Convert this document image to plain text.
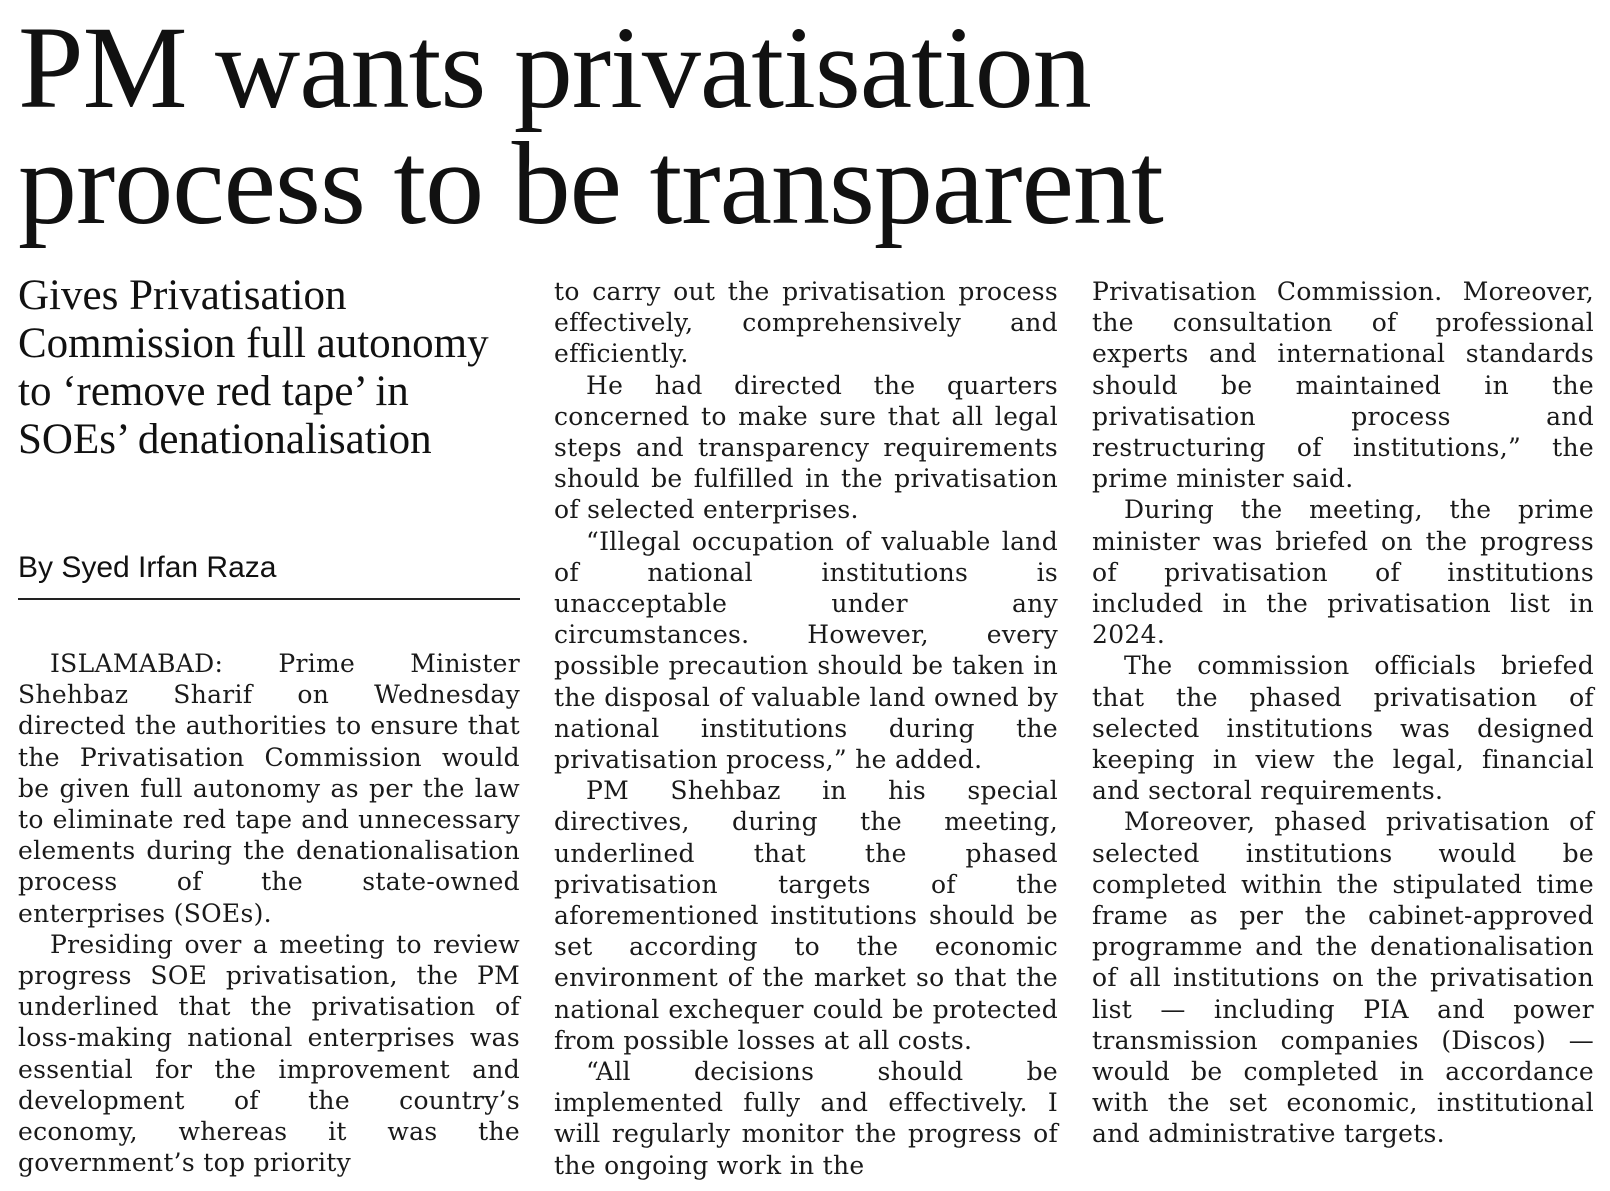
PM wants privatisation
process to be transparent
Gives Privatisation Commission full autonomy to ‘remove red tape’ in SOEs’ denationalisation
By Syed Irfan Raza

ISLAMABAD: Prime Minister Shehbaz Sharif on Wednesday directed the authorities to ensure that the Privatisation Commission would be given full autonomy as per the law to eliminate red tape and unnecessary elements during the denationalisation process of the state-owned enterprises (SOEs).

Presiding over a meeting to review progress SOE privatisation, the PM underlined that the privatisation of loss-making national enterprises was essential for the improvement and development of the country’s economy, whereas it was the government’s top priority

to carry out the privatisation process effectively, comprehensively and efficiently.

He had directed the quarters concerned to make sure that all legal steps and transparency requirements should be fulfilled in the privatisation of selected enterprises.

“Illegal occupation of valuable land of national institutions is unacceptable under any circumstances. However, every possible precaution should be taken in the disposal of valuable land owned by national institutions during the privatisation process,” he added.

PM Shehbaz in his special directives, during the meeting, underlined that the phased privatisation targets of the aforementioned institutions should be set according to the economic environment of the market so that the national exchequer could be protected from possible losses at all costs.

“All decisions should be implemented fully and effectively. I will regularly monitor the progress of the ongoing work in the

Privatisation Commission. Moreover, the consultation of professional experts and international standards should be maintained in the privatisation process and restructuring of institutions,” the prime minister said.

During the meeting, the prime minister was briefed on the progress of privatisation of institutions included in the privatisation list in 2024.

The commission officials briefed that the phased privatisation of selected institutions was designed keeping in view the legal, financial and sectoral requirements.

Moreover, phased privatisation of selected institutions would be completed within the stipulated time frame as per the cabinet-approved programme and the denationalisation of all institutions on the privatisation list — including PIA and power transmission companies (Discos) — would be completed in accordance with the set economic, institutional and administrative targets.
